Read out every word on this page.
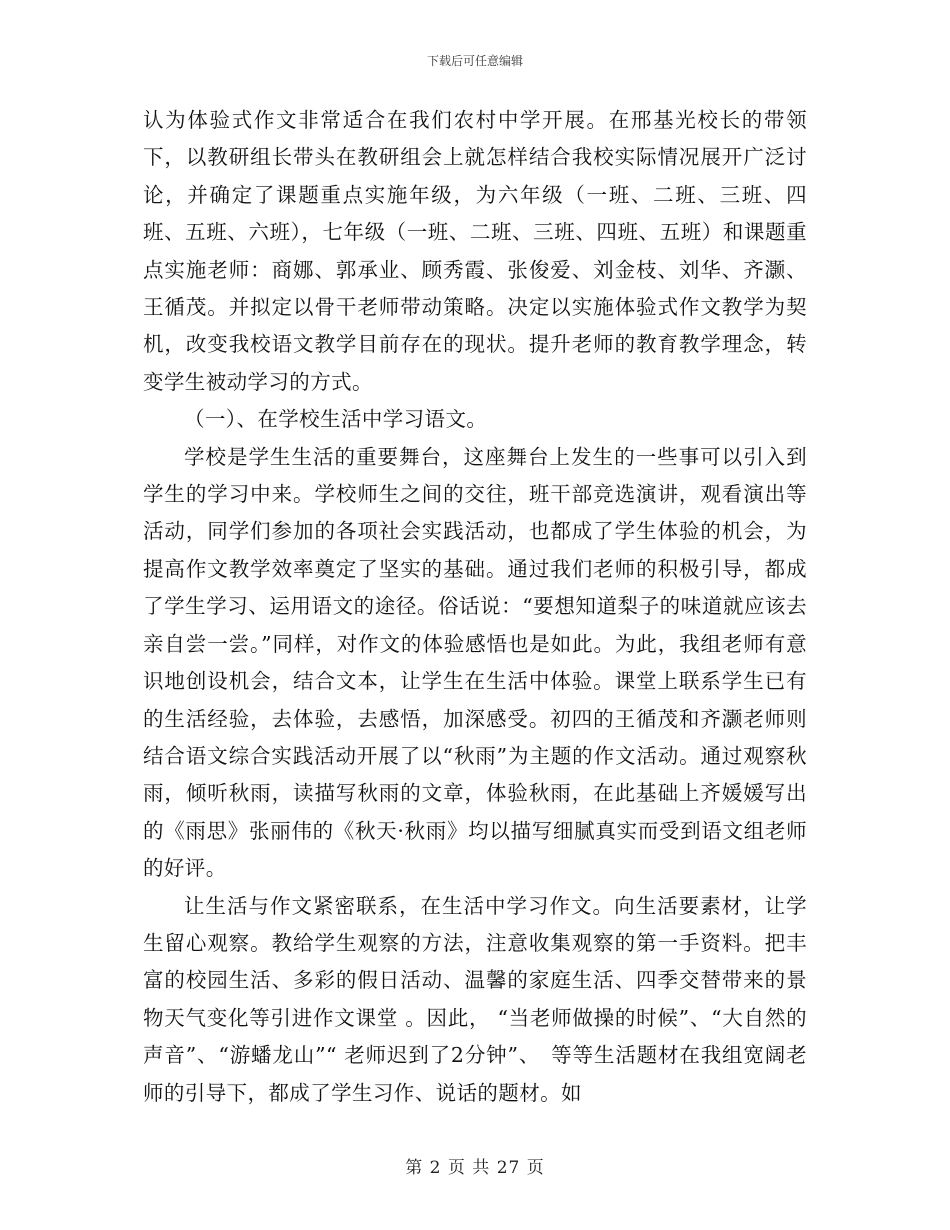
下载后可任意编辑

认为体验式作文非常适合在我们农村中学开展。在邢基光校长的带领下，以教研组长带头在教研组会上就怎样结合我校实际情况展开广泛讨论，并确定了课题重点实施年级，为六年级（一班、二班、三班、四班、五班、六班），七年级（一班、二班、三班、四班、五班）和课题重点实施老师：商娜、郭承业、顾秀霞、张俊爱、刘金枝、刘华、齐灏、王循茂。并拟定以骨干老师带动策略。决定以实施体验式作文教学为契机，改变我校语文教学目前存在的现状。提升老师的教育教学理念，转变学生被动学习的方式。

（一）、在学校生活中学习语文。

学校是学生生活的重要舞台，这座舞台上发生的一些事可以引入到学生的学习中来。学校师生之间的交往，班干部竞选演讲，观看演出等活动，同学们参加的各项社会实践活动，也都成了学生体验的机会，为提高作文教学效率奠定了坚实的基础。通过我们老师的积极引导，都成了学生学习、运用语文的途径。俗话说：“要想知道梨子的味道就应该去亲自尝一尝。”同样，对作文的体验感悟也是如此。为此，我组老师有意识地创设机会，结合文本，让学生在生活中体验。课堂上联系学生已有的生活经验，去体验，去感悟，加深感受。初四的王循茂和齐灏老师则结合语文综合实践活动开展了以“秋雨”为主题的作文活动。通过观察秋雨，倾听秋雨，读描写秋雨的文章，体验秋雨，在此基础上齐媛媛写出的《雨思》张丽伟的《秋天·秋雨》均以描写细腻真实而受到语文组老师的好评。

让生活与作文紧密联系，在生活中学习作文。向生活要素材，让学生留心观察。教给学生观察的方法，注意收集观察的第一手资料。把丰富的校园生活、多彩的假日活动、温馨的家庭生活、四季交替带来的景物天气变化等引进作文课堂 。因此， “当老师做操的时候”、“大自然的声音”、“游蟠龙山”“ 老师迟到了2分钟”、　等等生活题材在我组宽阔老师的引导下，都成了学生习作、说话的题材。如

第 2 页 共 27 页
